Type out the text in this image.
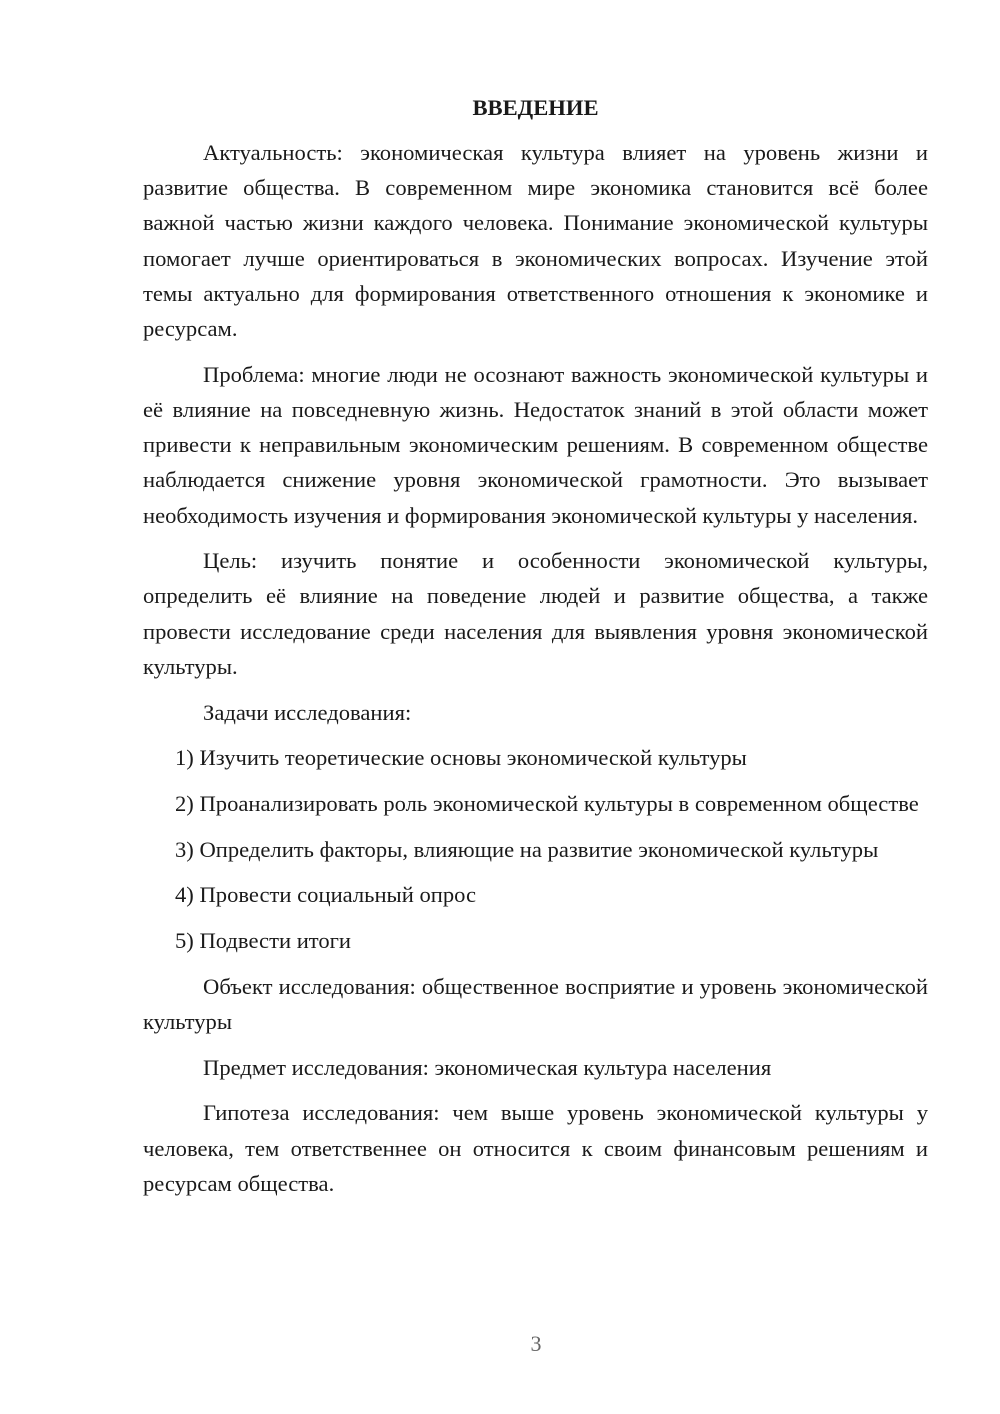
ВВЕДЕНИЕ

Актуальность: экономическая культура влияет на уровень жизни и развитие общества. В современном мире экономика становится всё более важной частью жизни каждого человека. Понимание экономической культуры помогает лучше ориентироваться в экономических вопросах. Изучение этой темы актуально для формирования ответственного отношения к экономике и ресурсам.

Проблема: многие люди не осознают важность экономической культуры и её влияние на повседневную жизнь. Недостаток знаний в этой области может привести к неправильным экономическим решениям. В современном обществе наблюдается снижение уровня экономической грамотности. Это вызывает необходимость изучения и формирования экономической культуры у населения.

Цель: изучить понятие и особенности экономической культуры, определить её влияние на поведение людей и развитие общества, а также провести исследование среди населения для выявления уровня экономической культуры.

Задачи исследования:

1) Изучить теоретические основы экономической культуры

2) Проанализировать роль экономической культуры в современном обществе

3) Определить факторы, влияющие на развитие экономической культуры

4) Провести социальный опрос

5) Подвести итоги

Объект исследования: общественное восприятие и уровень экономической культуры

Предмет исследования: экономическая культура населения

Гипотеза исследования: чем выше уровень экономической культуры у человека, тем ответственнее он относится к своим финансовым решениям и ресурсам общества.

3
